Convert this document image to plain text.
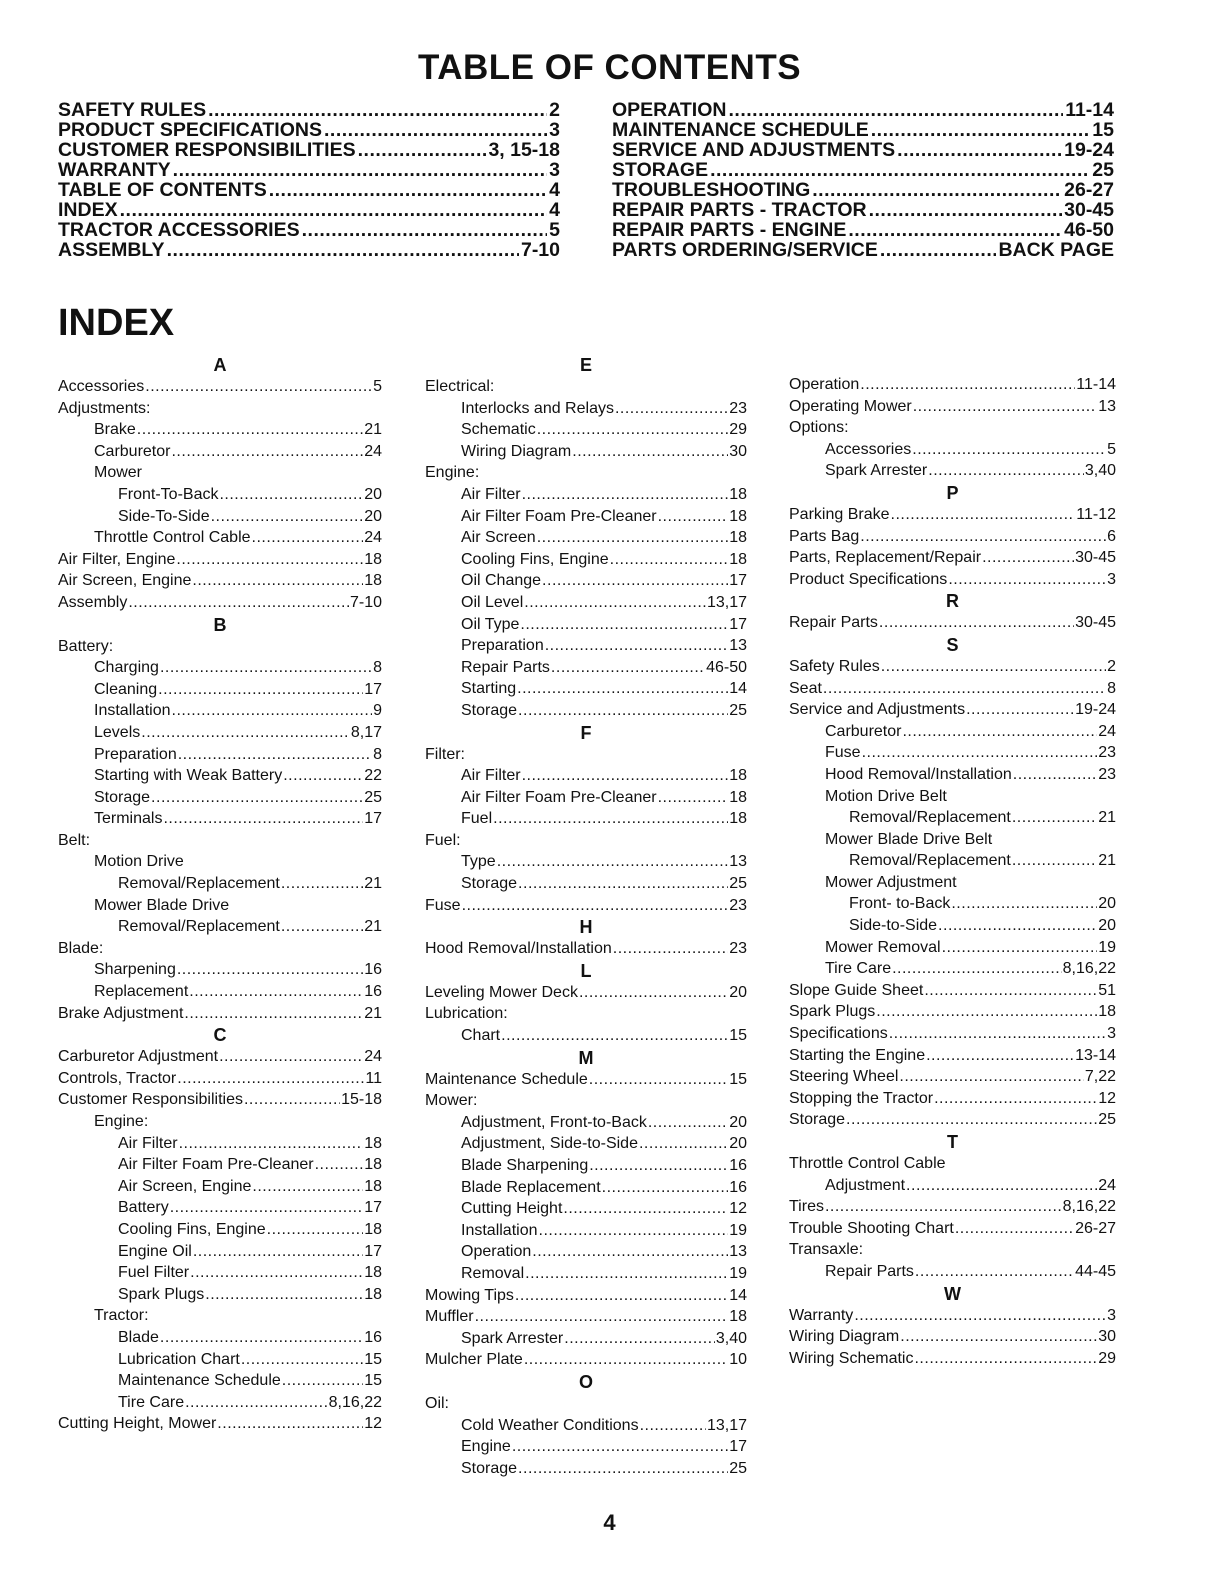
TABLE OF CONTENTS
SAFETY RULES .....	2
PRODUCT SPECIFICATIONS .....	3
CUSTOMER RESPONSIBILITIES .....	3, 15-18
WARRANTY .....	3
TABLE OF CONTENTS .....	4
INDEX .....	4
TRACTOR ACCESSORIES .....	5
ASSEMBLY .....	7-10
OPERATION .....	11-14
MAINTENANCE SCHEDULE .....	15
SERVICE AND ADJUSTMENTS .....	19-24
STORAGE .....	25
TROUBLESHOOTING .....	26-27
REPAIR PARTS - TRACTOR .....	30-45
REPAIR PARTS - ENGINE .....	46-50
PARTS ORDERING/SERVICE .....	BACK PAGE
INDEX
A
Accessories .....	5
Adjustments:
Brake .....	21
Carburetor .....	24
Mower
Front-To-Back .....	20
Side-To-Side .....	20
Throttle Control Cable .....	24
Air Filter, Engine .....	18
Air Screen, Engine .....	18
Assembly .....	7-10
B
Battery:
Charging .....	8
Cleaning .....	17
Installation .....	9
Levels .....	8,17
Preparation .....	8
Starting with Weak Battery .....	22
Storage .....	25
Terminals .....	17
Belt:
Motion Drive
Removal/Replacement .....	21
Mower Blade Drive
Removal/Replacement .....	21
Blade:
Sharpening .....	16
Replacement .....	16
Brake Adjustment .....	21
C
Carburetor Adjustment .....	24
Controls, Tractor .....	11
Customer Responsibilities .....	15-18
Engine:
Air Filter .....	18
Air Filter Foam Pre-Cleaner .....	18
Air Screen, Engine .....	18
Battery .....	17
Cooling Fins, Engine .....	18
Engine Oil .....	17
Fuel Filter .....	18
Spark Plugs .....	18
Tractor:
Blade .....	16
Lubrication Chart .....	15
Maintenance Schedule .....	15
Tire Care .....	8,16,22
Cutting Height, Mower .....	12
E
Electrical:
Interlocks and Relays .....	23
Schematic .....	29
Wiring Diagram .....	30
Engine:
Air Filter .....	18
Air Filter Foam Pre-Cleaner .....	18
Air Screen .....	18
Cooling Fins, Engine .....	18
Oil Change .....	17
Oil Level .....	13,17
Oil Type .....	17
Preparation .....	13
Repair Parts .....	46-50
Starting .....	14
Storage .....	25
F
Filter:
Air Filter .....	18
Air Filter Foam Pre-Cleaner .....	18
Fuel .....	18
Fuel:
Type .....	13
Storage .....	25
Fuse .....	23
H
Hood Removal/Installation .....	23
L
Leveling Mower Deck .....	20
Lubrication:
Chart .....	15
M
Maintenance Schedule .....	15
Mower:
Adjustment, Front-to-Back .....	20
Adjustment, Side-to-Side .....	20
Blade Sharpening .....	16
Blade Replacement .....	16
Cutting Height .....	12
Installation .....	19
Operation .....	13
Removal .....	19
Mowing Tips .....	14
Muffler .....	18
Spark Arrester .....	3,40
Mulcher Plate .....	10
O
Oil:
Cold Weather Conditions .....	13,17
Engine .....	17
Storage .....	25
Operation .....	11-14
Operating Mower .....	13
Options:
Accessories .....	5
Spark Arrester .....	3,40
P
Parking Brake .....	11-12
Parts Bag .....	6
Parts, Replacement/Repair .....	30-45
Product Specifications .....	3
R
Repair Parts .....	30-45
S
Safety Rules .....	2
Seat .....	8
Service and Adjustments .....	19-24
Carburetor .....	24
Fuse .....	23
Hood Removal/Installation .....	23
Motion Drive Belt
Removal/Replacement .....	21
Mower Blade Drive Belt
Removal/Replacement .....	21
Mower Adjustment
Front- to-Back .....	20
Side-to-Side .....	20
Mower Removal .....	19
Tire Care .....	8,16,22
Slope Guide Sheet .....	51
Spark Plugs .....	18
Specifications .....	3
Starting the Engine .....	13-14
Steering Wheel .....	7,22
Stopping the Tractor .....	12
Storage .....	25
T
Throttle Control Cable
Adjustment .....	24
Tires .....	8,16,22
Trouble Shooting Chart .....	26-27
Transaxle:
Repair Parts .....	44-45
W
Warranty .....	3
Wiring Diagram .....	30
Wiring Schematic .....	29
4
